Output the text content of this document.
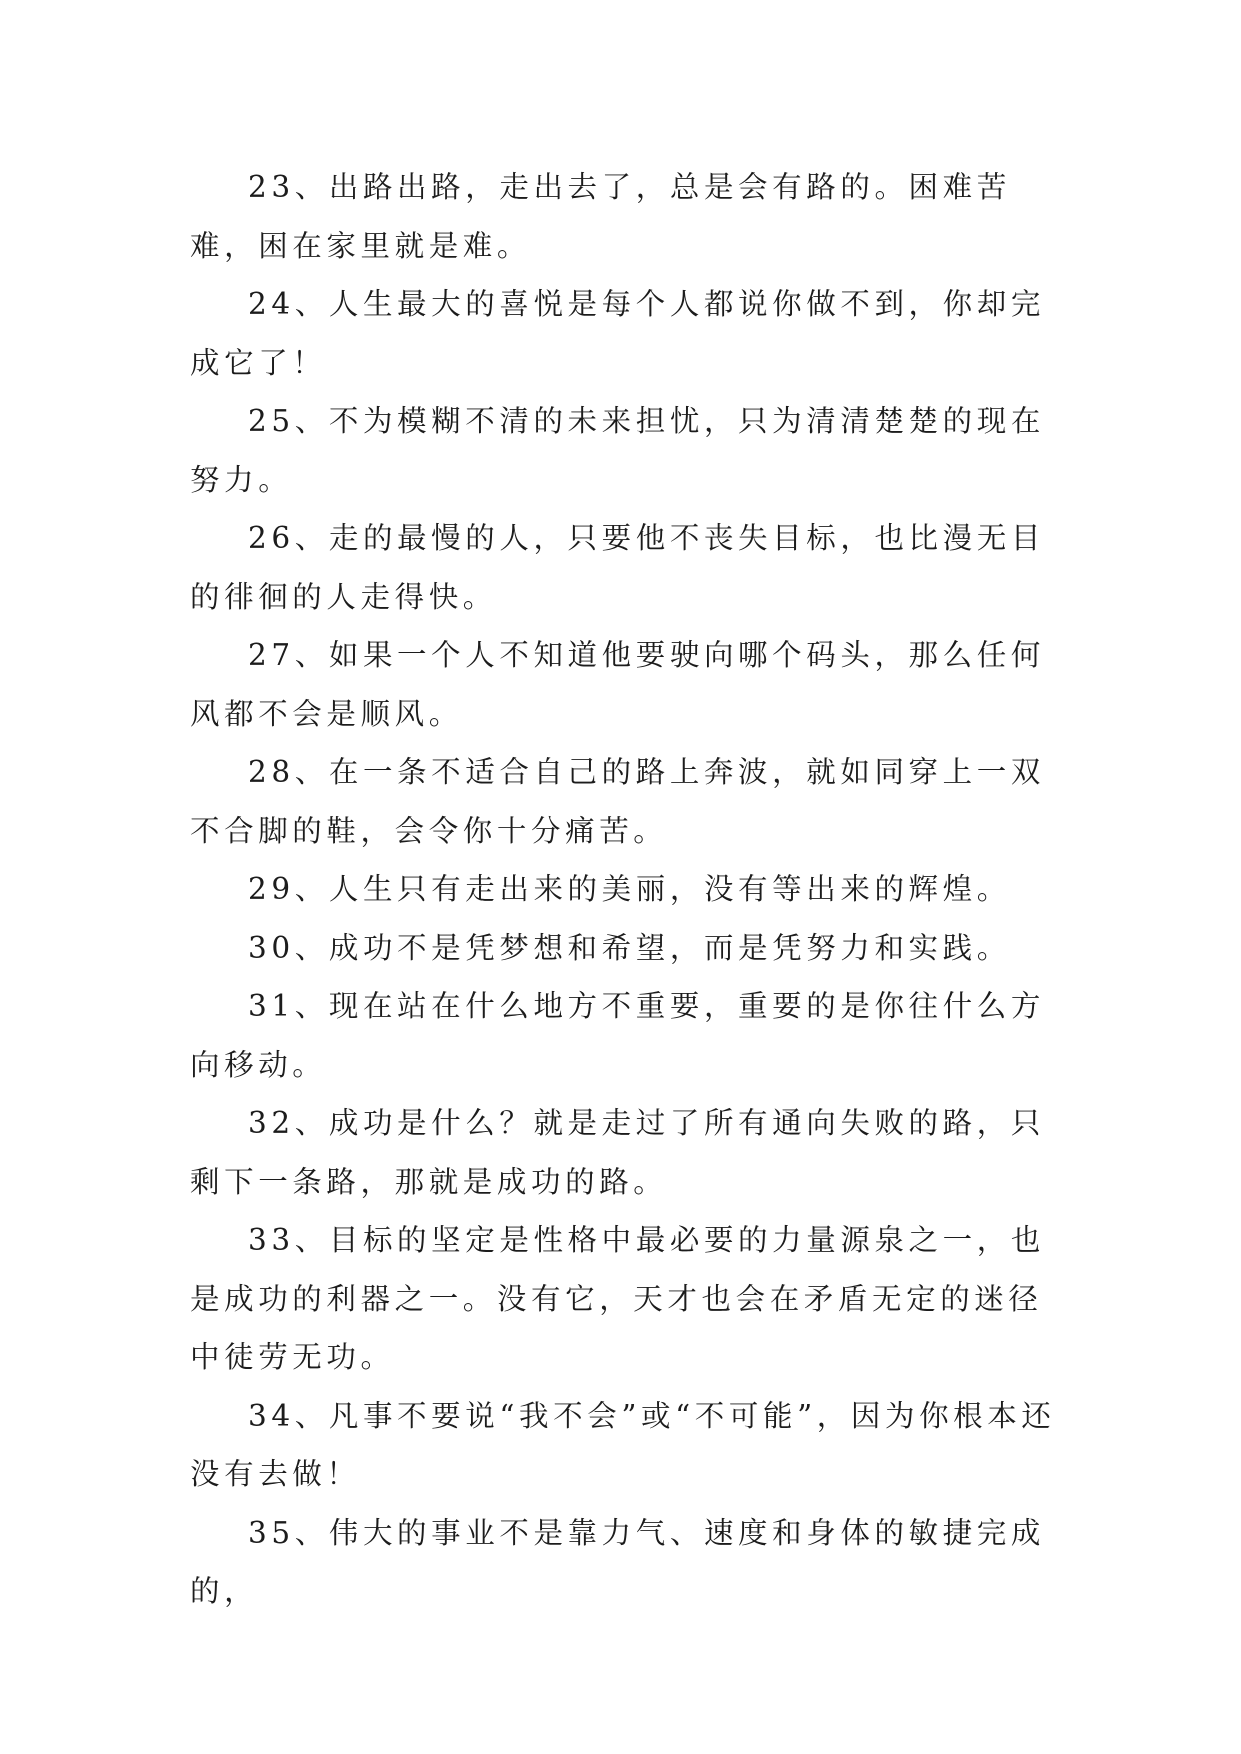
23、出路出路，走出去了，总是会有路的。困难苦难，困在家里就是难。

24、人生最大的喜悦是每个人都说你做不到，你却完成它了！

25、不为模糊不清的未来担忧，只为清清楚楚的现在努力。

26、走的最慢的人，只要他不丧失目标，也比漫无目的徘徊的人走得快。

27、如果一个人不知道他要驶向哪个码头，那么任何风都不会是顺风。

28、在一条不适合自己的路上奔波，就如同穿上一双不合脚的鞋，会令你十分痛苦。

29、人生只有走出来的美丽，没有等出来的辉煌。

30、成功不是凭梦想和希望，而是凭努力和实践。

31、现在站在什么地方不重要，重要的是你往什么方向移动。

32、成功是什么？就是走过了所有通向失败的路，只剩下一条路，那就是成功的路。

33、目标的坚定是性格中最必要的力量源泉之一，也是成功的利器之一。没有它，天才也会在矛盾无定的迷径中徒劳无功。

34、凡事不要说“我不会”或“不可能”，因为你根本还没有去做！

35、伟大的事业不是靠力气、速度和身体的敏捷完成的，
